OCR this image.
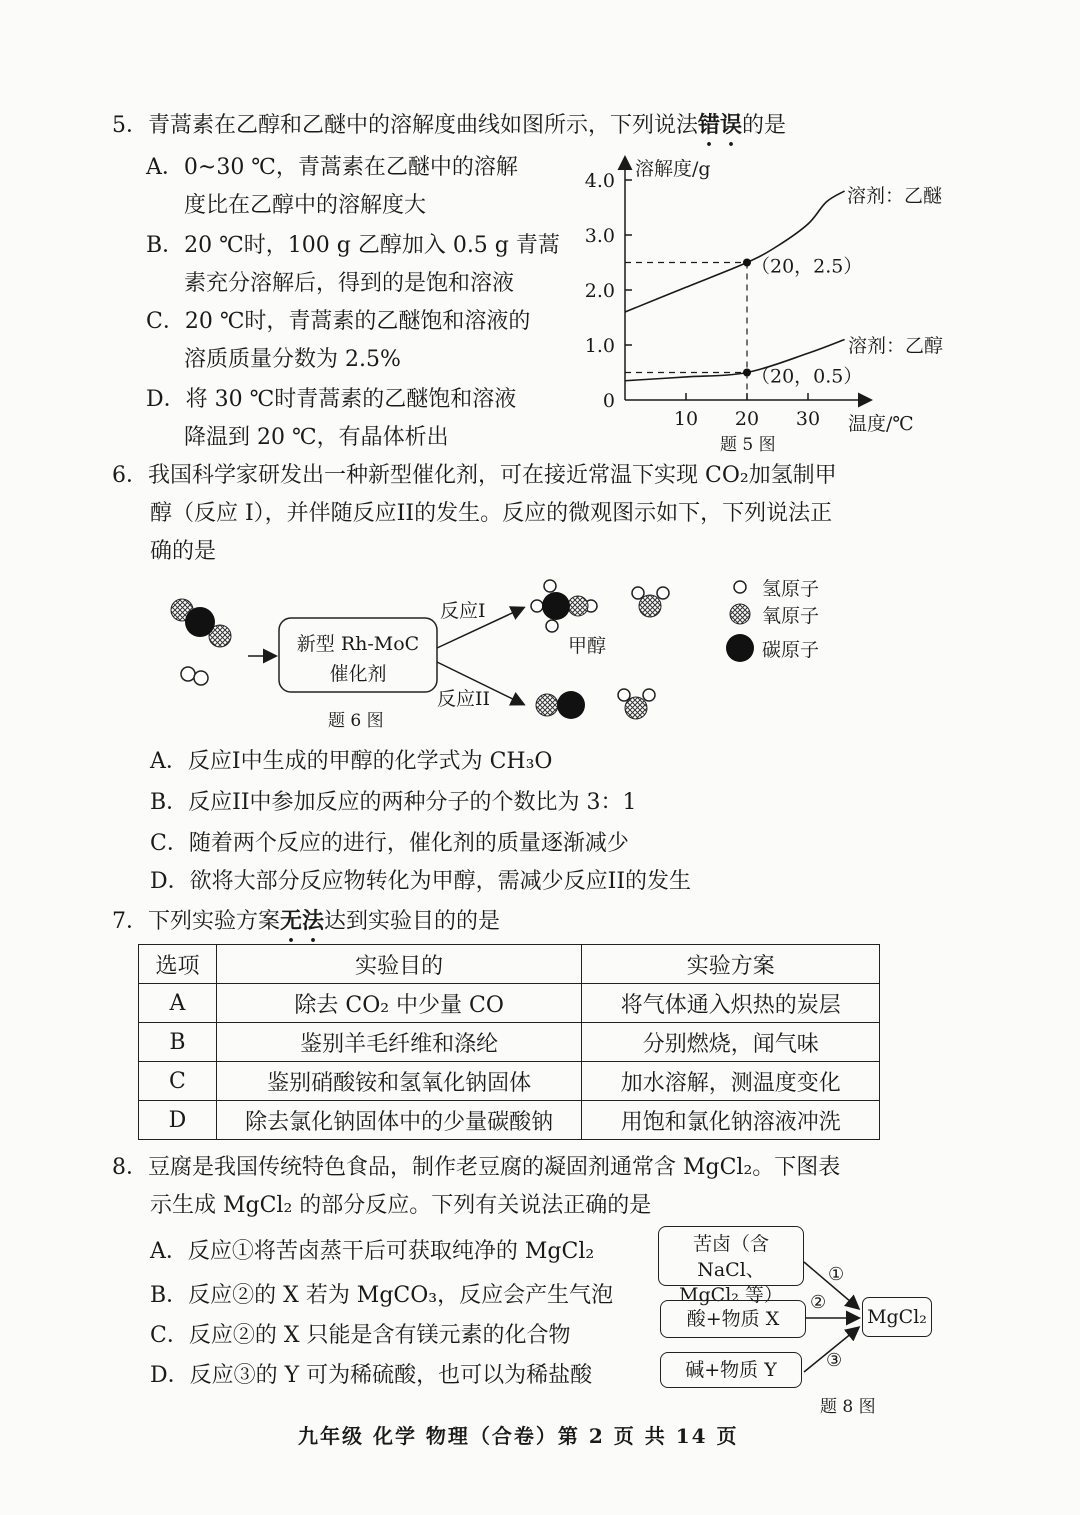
5．青蒿素在乙醇和乙醚中的溶解度曲线如图所示，下列说法错误的是
A．0~30 ℃，青蒿素在乙醚中的溶解
度比在乙醇中的溶解度大
B．20 ℃时，100 g 乙醇加入 0.5 g 青蒿
素充分溶解后，得到的是饱和溶液
C．20 ℃时，青蒿素的乙醚饱和溶液的
溶质质量分数为 2.5%
D．将 30 ℃时青蒿素的乙醚饱和溶液
降温到 20 ℃，有晶体析出
0
1.0
2.0
3.0
4.0
10 20 30
（20，2.5）
（20，0.5）
溶解度/g
温度/℃
溶剂：乙醚
溶剂：乙醇
题 5 图
6．我国科学家研发出一种新型催化剂，可在接近常温下实现 CO₂加氢制甲
醇（反应 I），并伴随反应II的发生。反应的微观图示如下，下列说法正
确的是
新型 Rh-MoC
催化剂
反应I
反应II
甲醇
氢原子
氧原子
碳原子
题 6 图
A．反应I中生成的甲醇的化学式为 CH₃O
B．反应II中参加反应的两种分子的个数比为 3：1
C．随着两个反应的进行，催化剂的质量逐渐减少
D．欲将大部分反应物转化为甲醇，需减少反应II的发生
7．下列实验方案无法达到实验目的的是
选项	实验目的	实验方案
A	除去 CO₂ 中少量 CO	将气体通入炽热的炭层
B	鉴别羊毛纤维和涤纶	分别燃烧，闻气味
C	鉴别硝酸铵和氢氧化钠固体	加水溶解，测温度变化
D	除去氯化钠固体中的少量碳酸钠	用饱和氯化钠溶液冲洗
8．豆腐是我国传统特色食品，制作老豆腐的凝固剂通常含 MgCl₂。下图表
示生成 MgCl₂ 的部分反应。下列有关说法正确的是
A．反应①将苦卤蒸干后可获取纯净的 MgCl₂
B．反应②的 X 若为 MgCO₃，反应会产生气泡
C．反应②的 X 只能是含有镁元素的化合物
D．反应③的 Y 可为稀硫酸，也可以为稀盐酸
苦卤（含 NaCl、
MgCl₂ 等）
酸+物质 X
碱+物质 Y
MgCl₂
①
②
③
题 8 图
九年级 化学 物理（合卷）第 2 页 共 14 页
